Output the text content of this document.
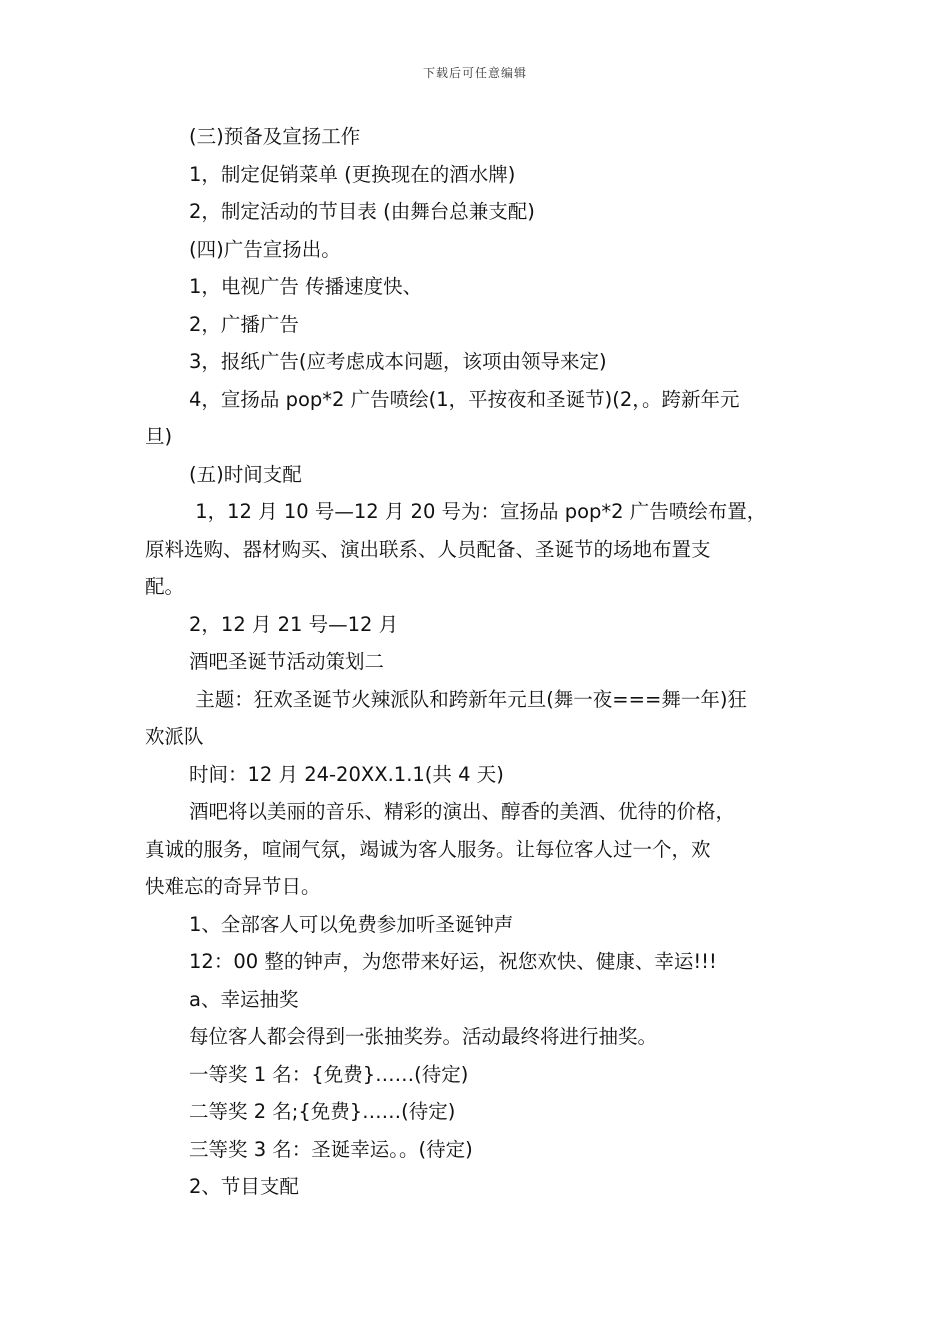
下载后可任意编辑
(三)预备及宣扬工作
1，制定促销菜单 (更换现在的酒水牌)
2，制定活动的节目表 (由舞台总兼支配)
(四)广告宣扬出。
1，电视广告 传播速度快、
2，广播广告
3，报纸广告(应考虑成本问题，该项由领导来定)
4，宣扬品 pop*2 广告喷绘(1，平按夜和圣诞节)(2，。跨新年元
旦)
(五)时间支配
1，12 月 10 号—12 月 20 号为：宣扬品 pop*2 广告喷绘布置，
原料选购、器材购买、演出联系、人员配备、圣诞节的场地布置支
配。
2，12 月 21 号—12 月
酒吧圣诞节活动策划二
主题：狂欢圣诞节火辣派队和跨新年元旦(舞一夜===舞一年)狂
欢派队
时间：12 月 24-20XX.1.1(共 4 天)
酒吧将以美丽的音乐、精彩的演出、醇香的美酒、优待的价格，
真诚的服务，喧闹气氛，竭诚为客人服务。让每位客人过一个，欢
快难忘的奇异节日。
1、全部客人可以免费参加听圣诞钟声
12：00 整的钟声，为您带来好运，祝您欢快、健康、幸运!!!
a、幸运抽奖
每位客人都会得到一张抽奖券。活动最终将进行抽奖。
一等奖 1 名：{免费}……(待定)
二等奖 2 名;{免费}……(待定)
三等奖 3 名：圣诞幸运。。(待定)
2、节目支配
